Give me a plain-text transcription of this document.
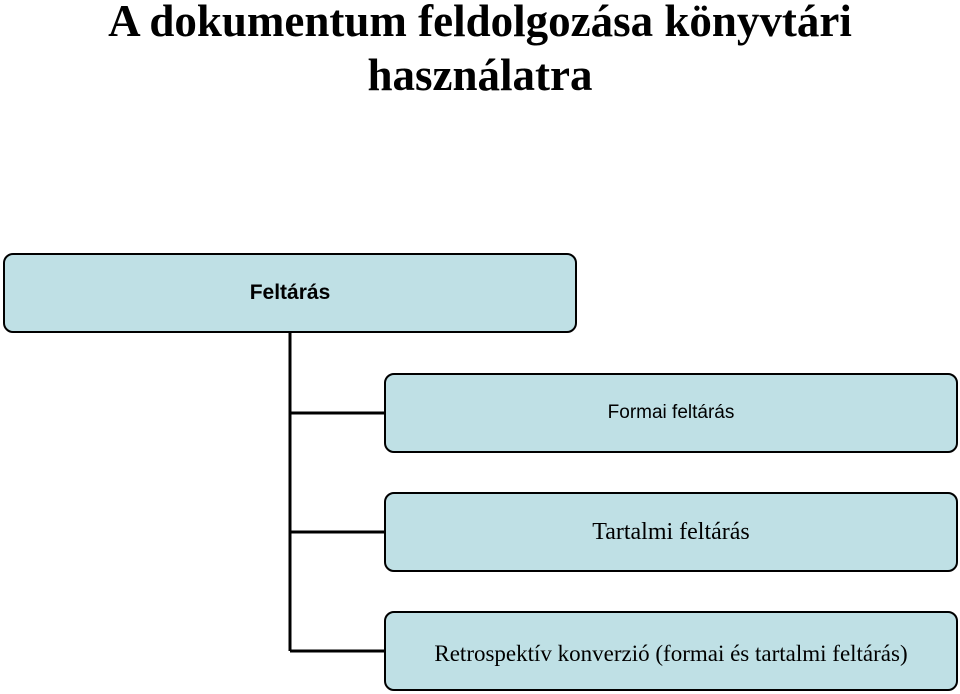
A dokumentum feldolgozása könyvtári
használatra
Feltárás
Formai feltárás
Tartalmi feltárás
Retrospektív konverzió (formai és tartalmi feltárás)
